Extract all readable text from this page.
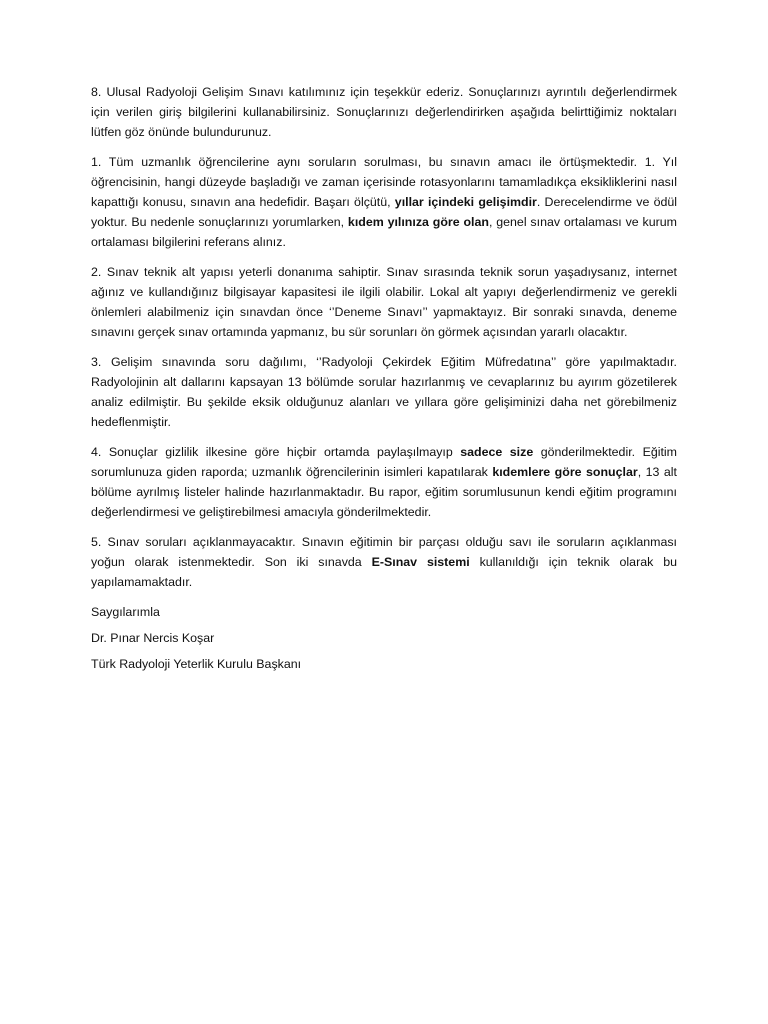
8. Ulusal Radyoloji Gelişim Sınavı katılımınız için teşekkür ederiz. Sonuçlarınızı ayrıntılı değerlendirmek için verilen giriş bilgilerini kullanabilirsiniz. Sonuçlarınızı değerlendirirken aşağıda belirttiğimiz noktaları lütfen göz önünde bulundurunuz.

1. Tüm uzmanlık öğrencilerine aynı soruların sorulması, bu sınavın amacı ile örtüşmektedir. 1. Yıl öğrencisinin, hangi düzeyde başladığı ve zaman içerisinde rotasyonlarını tamamladıkça eksikliklerini nasıl kapattığı konusu, sınavın ana hedefidir. Başarı ölçütü, yıllar içindeki gelişimdir. Derecelendirme ve ödül yoktur. Bu nedenle sonuçlarınızı yorumlarken, kıdem yılınıza göre olan, genel sınav ortalaması ve kurum ortalaması bilgilerini referans alınız.

2. Sınav teknik alt yapısı yeterli donanıma sahiptir. Sınav sırasında teknik sorun yaşadıysanız, internet ağınız ve kullandığınız bilgisayar kapasitesi ile ilgili olabilir. Lokal alt yapıyı değerlendirmeniz ve gerekli önlemleri alabilmeniz için sınavdan önce ‘’Deneme Sınavı’’ yapmaktayız. Bir sonraki sınavda, deneme sınavını gerçek sınav ortamında yapmanız, bu sür sorunları ön görmek açısından yararlı olacaktır.

3. Gelişim sınavında soru dağılımı, ‘’Radyoloji Çekirdek Eğitim Müfredatına’’ göre yapılmaktadır. Radyolojinin alt dallarını kapsayan 13 bölümde sorular hazırlanmış ve cevaplarınız bu ayırım gözetilerek analiz edilmiştir. Bu şekilde eksik olduğunuz alanları ve yıllara göre gelişiminizi daha net görebilmeniz hedeflenmiştir.

4. Sonuçlar gizlilik ilkesine göre hiçbir ortamda paylaşılmayıp sadece size gönderilmektedir. Eğitim sorumlunuza giden raporda; uzmanlık öğrencilerinin isimleri kapatılarak kıdemlere göre sonuçlar, 13 alt bölüme ayrılmış listeler halinde hazırlanmaktadır. Bu rapor, eğitim sorumlusunun kendi eğitim programını değerlendirmesi ve geliştirebilmesi amacıyla gönderilmektedir.

5. Sınav soruları açıklanmayacaktır. Sınavın eğitimin bir parçası olduğu savı ile soruların açıklanması yoğun olarak istenmektedir. Son iki sınavda E-Sınav sistemi kullanıldığı için teknik olarak bu yapılamamaktadır.

Saygılarımla

Dr. Pınar Nercis Koşar

Türk Radyoloji Yeterlik Kurulu Başkanı
